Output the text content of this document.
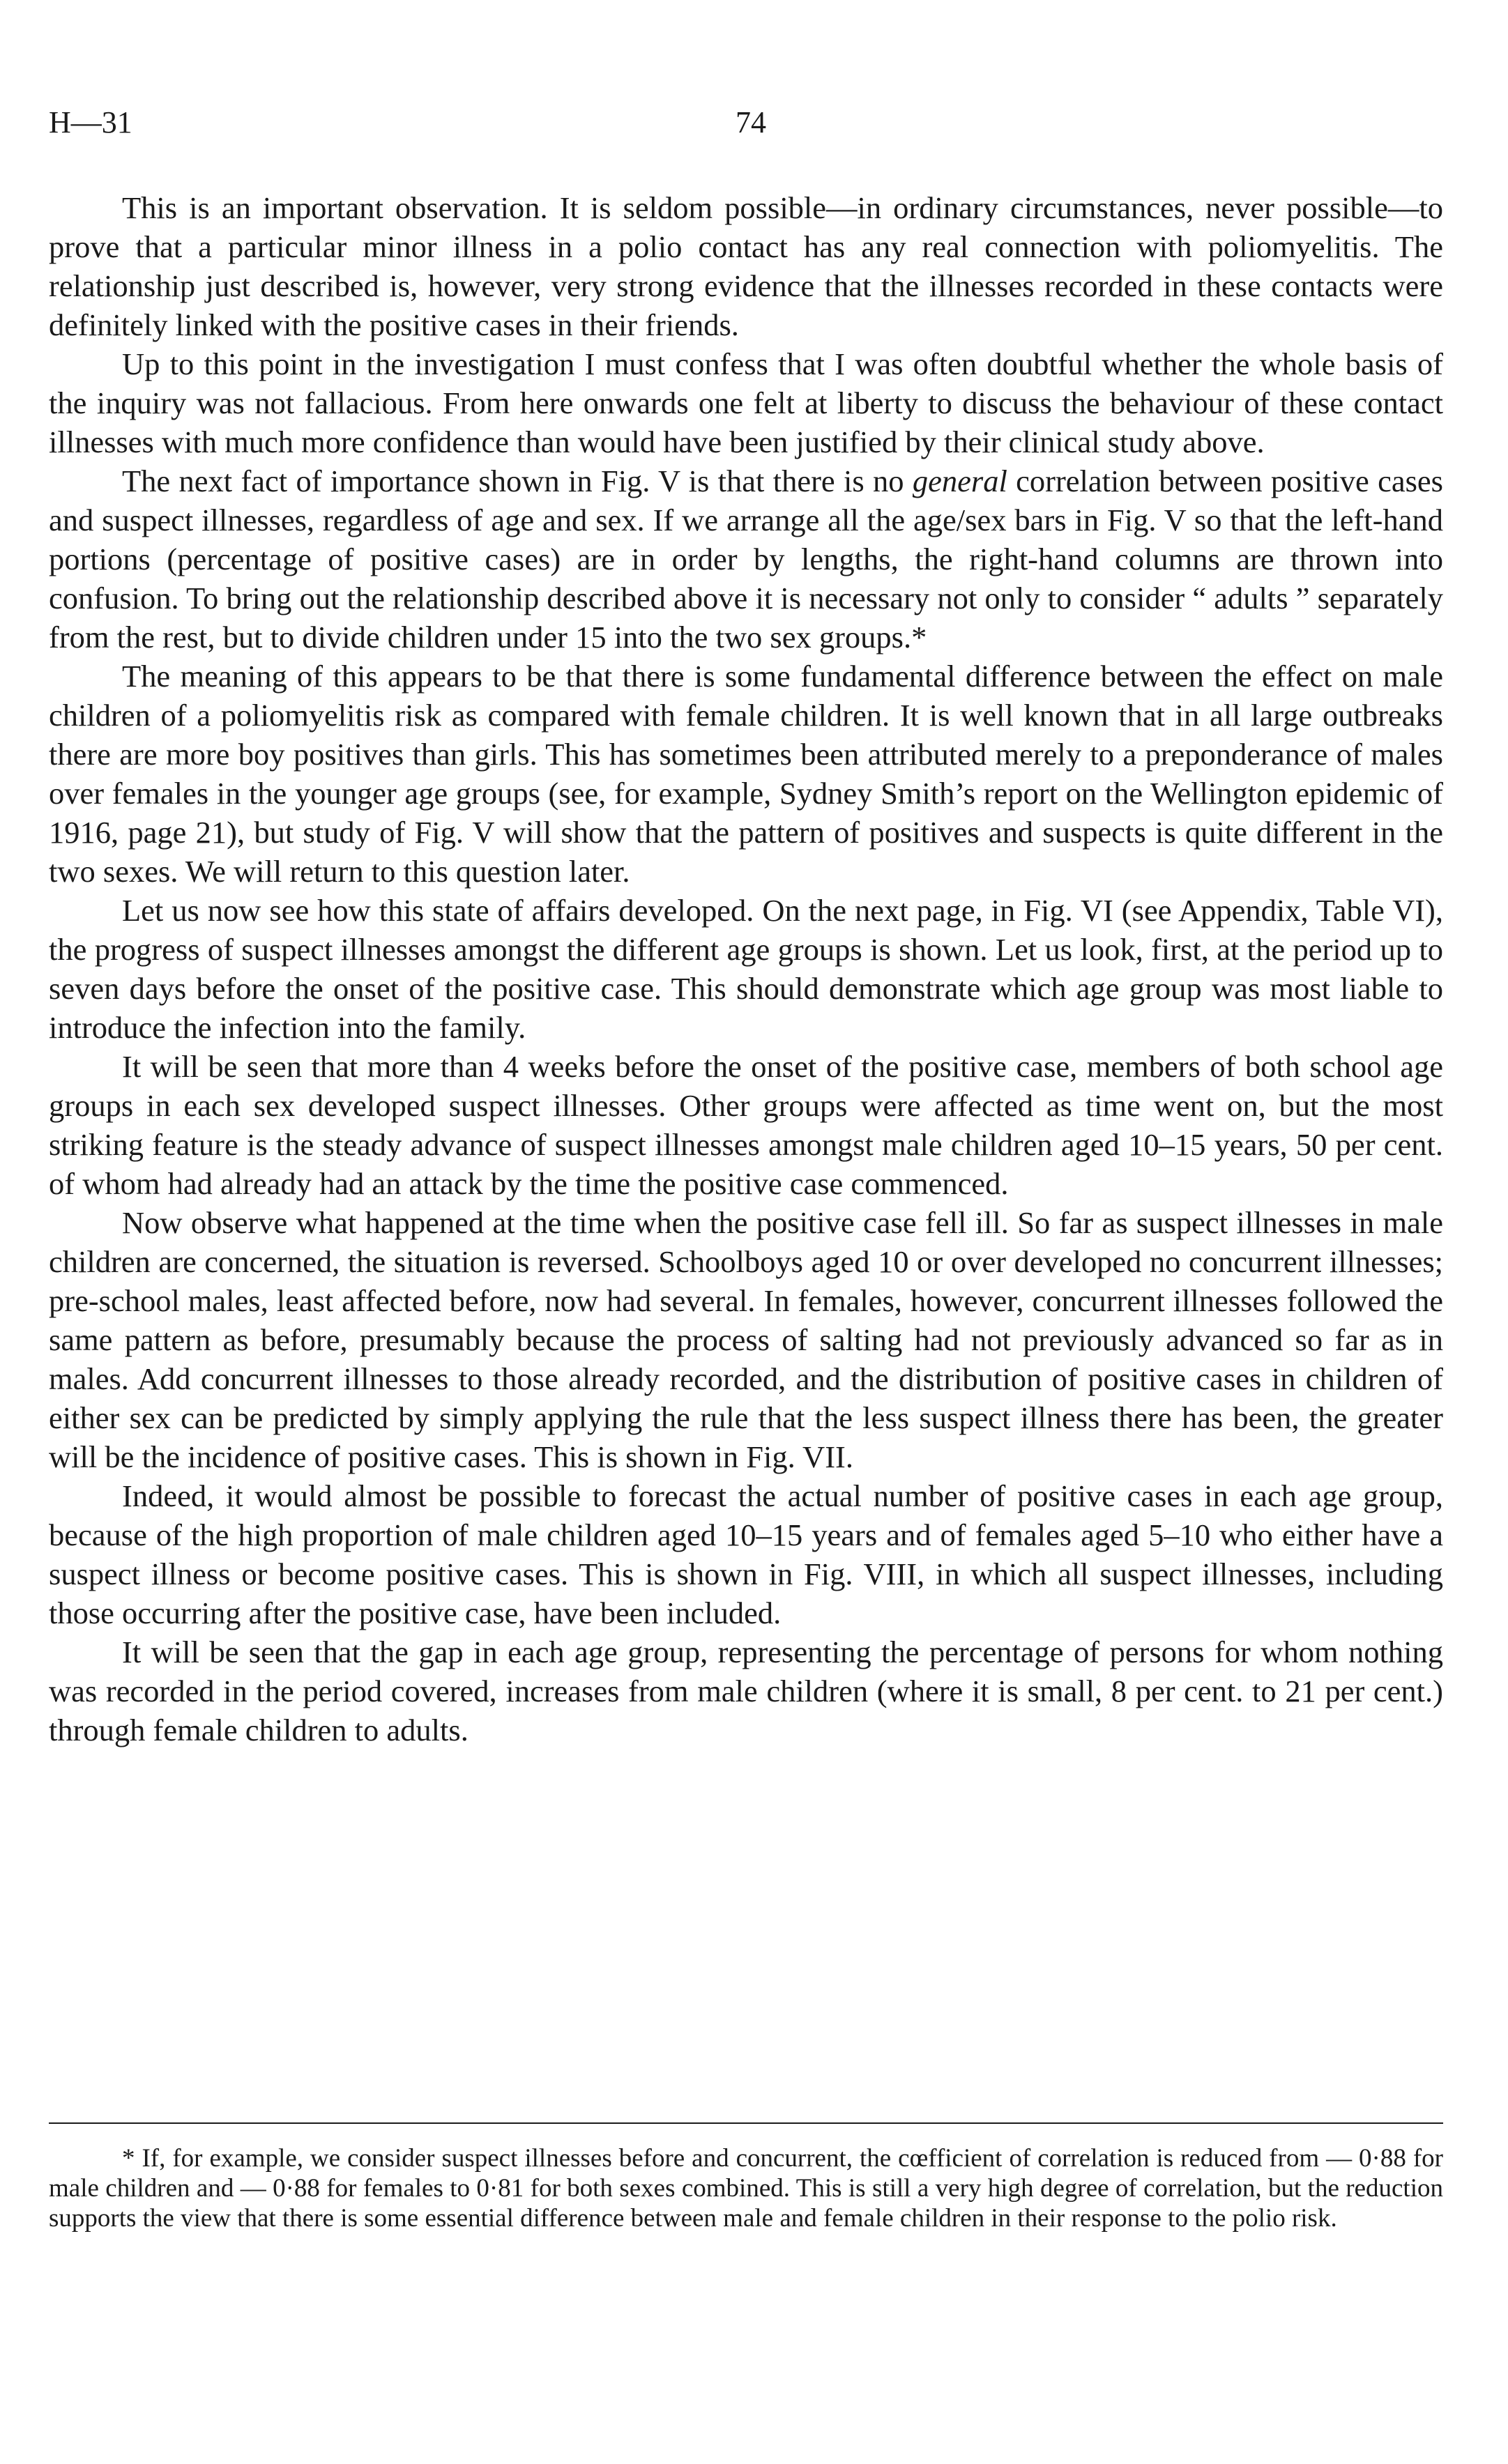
H—31	74

This is an important observation. It is seldom possible—in ordinary circumstances, never possible—to prove that a particular minor illness in a polio contact has any real connection with poliomyelitis. The relationship just described is, however, very strong evidence that the illnesses recorded in these contacts were definitely linked with the positive cases in their friends.

Up to this point in the investigation I must confess that I was often doubtful whether the whole basis of the inquiry was not fallacious. From here onwards one felt at liberty to discuss the behaviour of these contact illnesses with much more confidence than would have been justified by their clinical study above.

The next fact of importance shown in Fig. V is that there is no general correlation between positive cases and suspect illnesses, regardless of age and sex. If we arrange all the age/sex bars in Fig. V so that the left-hand portions (percentage of positive cases) are in order by lengths, the right-hand columns are thrown into confusion. To bring out the relationship described above it is necessary not only to consider “ adults ” separately from the rest, but to divide children under 15 into the two sex groups.*

The meaning of this appears to be that there is some fundamental difference between the effect on male children of a poliomyelitis risk as compared with female children. It is well known that in all large outbreaks there are more boy positives than girls. This has sometimes been attributed merely to a preponderance of males over females in the younger age groups (see, for example, Sydney Smith’s report on the Wellington epidemic of 1916, page 21), but study of Fig. V will show that the pattern of positives and suspects is quite different in the two sexes. We will return to this question later.

Let us now see how this state of affairs developed. On the next page, in Fig. VI (see Appendix, Table VI), the progress of suspect illnesses amongst the different age groups is shown. Let us look, first, at the period up to seven days before the onset of the positive case. This should demonstrate which age group was most liable to introduce the infection into the family.

It will be seen that more than 4 weeks before the onset of the positive case, members of both school age groups in each sex developed suspect illnesses. Other groups were affected as time went on, but the most striking feature is the steady advance of suspect illnesses amongst male children aged 10–15 years, 50 per cent. of whom had already had an attack by the time the positive case commenced.

Now observe what happened at the time when the positive case fell ill. So far as suspect illnesses in male children are concerned, the situation is reversed. Schoolboys aged 10 or over developed no concurrent illnesses; pre-school males, least affected before, now had several. In females, however, concurrent illnesses followed the same pattern as before, presumably because the process of salting had not previously advanced so far as in males. Add concurrent illnesses to those already recorded, and the distribution of positive cases in children of either sex can be predicted by simply applying the rule that the less suspect illness there has been, the greater will be the incidence of positive cases. This is shown in Fig. VII.

Indeed, it would almost be possible to forecast the actual number of positive cases in each age group, because of the high proportion of male children aged 10–15 years and of females aged 5–10 who either have a suspect illness or become positive cases. This is shown in Fig. VIII, in which all suspect illnesses, including those occurring after the positive case, have been included.

It will be seen that the gap in each age group, representing the percentage of persons for whom nothing was recorded in the period covered, increases from male children (where it is small, 8 per cent. to 21 per cent.) through female children to adults.

* If, for example, we consider suspect illnesses before and concurrent, the cœfficient of correlation is reduced from — 0·88 for male children and — 0·88 for females to 0·81 for both sexes combined. This is still a very high degree of correlation, but the reduction supports the view that there is some essential difference between male and female children in their response to the polio risk.
